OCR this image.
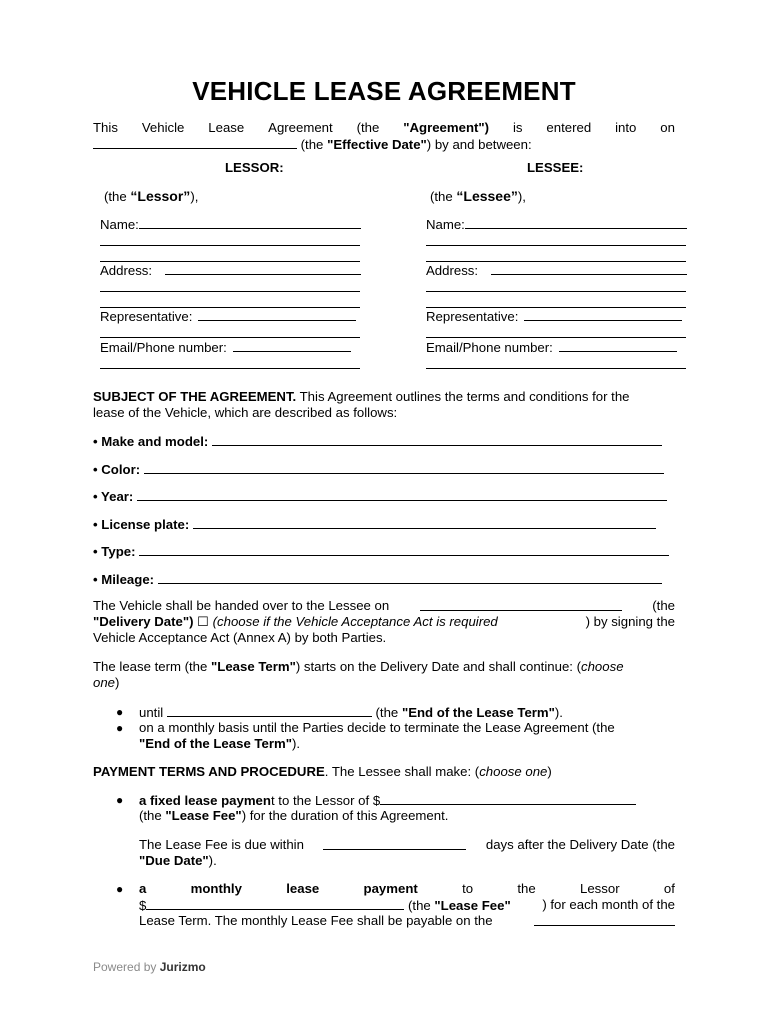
VEHICLE LEASE AGREEMENT
This Vehicle Lease Agreement (the "Agreement") is entered into on
(the "Effective Date") by and between:
LESSOR:	LESSEE:
(the “Lessor”),
Name:
Address:
Representative:
Email/Phone number:
(the “Lessee”),
Name:
Address:
Representative:
Email/Phone number:
SUBJECT OF THE AGREEMENT. This Agreement outlines the terms and conditions for the
lease of the Vehicle, which are described as follows:
• Make and model:
• Color:
• Year:
• License plate:
• Type:
• Mileage:
The Vehicle shall be handed over to the Lessee on	(the
"Delivery Date") ☐ (choose if the Vehicle Acceptance Act is required	) by signing the
Vehicle Acceptance Act (Annex A) by both Parties.
The lease term (the "Lease Term") starts on the Delivery Date and shall continue: (choose
one)
● until	(the "End of the Lease Term").
● on a monthly basis until the Parties decide to terminate the Lease Agreement (the
"End of the Lease Term").
PAYMENT TERMS AND PROCEDURE. The Lessee shall make: (choose one)
● a fixed lease payment to the Lessor of $
(the "Lease Fee") for the duration of this Agreement.
The Lease Fee is due within	days after the Delivery Date (the
"Due Date").
● a	monthly	lease	payment	to	the	Lessor	of
$	(the "Lease Fee" ) for each month of the
Lease Term. The monthly Lease Fee shall be payable on the
Powered by Jurizmo
